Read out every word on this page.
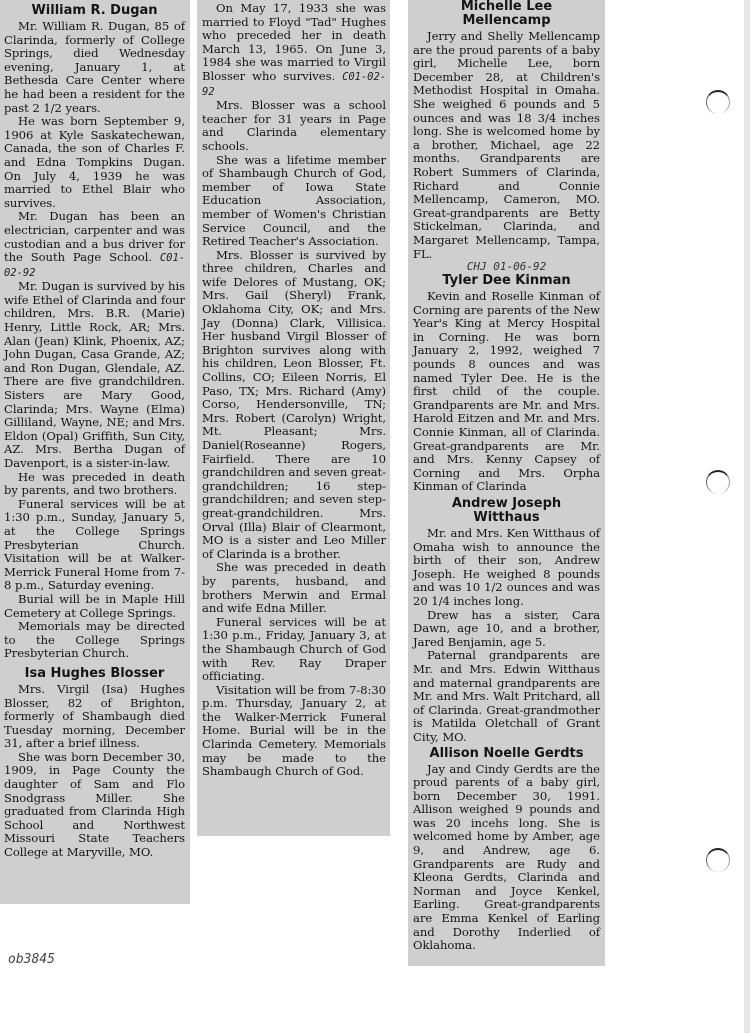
William R. Dugan

Mr. William R. Dugan, 85 of Clarinda, formerly of College Springs, died Wednesday evening, January 1, at Bethesda Care Center where he had been a resident for the past 2 1/2 years.

He was born September 9, 1906 at Kyle Saskatechewan, Canada, the son of Charles F. and Edna Tompkins Dugan. On July 4, 1939 he was married to Ethel Blair who survives.

Mr. Dugan has been an electrician, carpenter and was custodian and a bus driver for the South Page School. C01-02-92

Mr. Dugan is survived by his wife Ethel of Clarinda and four children, Mrs. B.R. (Marie) Henry, Little Rock, AR; Mrs. Alan (Jean) Klink, Phoenix, AZ; John Dugan, Casa Grande, AZ; and Ron Dugan, Glendale, AZ. There are five grandchildren. Sisters are Mary Good, Clarinda; Mrs. Wayne (Elma) Gilliland, Wayne, NE; and Mrs. Eldon (Opal) Griffith, Sun City, AZ. Mrs. Bertha Dugan of Davenport, is a sister-in-law.

He was preceded in death by parents, and two brothers.

Funeral services will be at 1:30 p.m., Sunday, January 5, at the College Springs Presbyterian Church. Visitation will be at Walker-Merrick Funeral Home from 7-8 p.m., Saturday evening.

Burial will be in Maple Hill Cemetery at College Springs.

Memorials may be directed to the College Springs Presbyterian Church.

Isa Hughes Blosser

Mrs. Virgil (Isa) Hughes Blosser, 82 of Brighton, formerly of Shambaugh died Tuesday morning, December 31, after a brief illness.

She was born December 30, 1909, in Page County the daughter of Sam and Flo Snodgrass Miller. She graduated from Clarinda High School and Northwest Missouri State Teachers College at Maryville, MO.

On May 17, 1933 she was married to Floyd "Tad" Hughes who preceded her in death March 13, 1965. On June 3, 1984 she was married to Virgil Blosser who survives. C01-02-92

Mrs. Blosser was a school teacher for 31 years in Page and Clarinda elementary schools.

She was a lifetime member of Shambaugh Church of God, member of Iowa State Education Association, member of Women's Christian Service Council, and the Retired Teacher's Association.

Mrs. Blosser is survived by three children, Charles and wife Delores of Mustang, OK; Mrs. Gail (Sheryl) Frank, Oklahoma City, OK; and Mrs. Jay (Donna) Clark, Villisica. Her husband Virgil Blosser of Brighton survives along with his children, Leon Blosser, Ft. Collins, CO; Eileen Norris, El Paso, TX; Mrs. Richard (Amy) Corso, Hendersonville, TN; Mrs. Robert (Carolyn) Wright, Mt. Pleasant; Mrs. Daniel(Roseanne) Rogers, Fairfield. There are 10 grandchildren and seven great-grandchildren; 16 step-grandchildren; and seven step-great-grandchildren. Mrs. Orval (Illa) Blair of Clearmont, MO is a sister and Leo Miller of Clarinda is a brother.

She was preceded in death by parents, husband, and brothers Merwin and Ermal and wife Edna Miller.

Funeral services will be at 1:30 p.m., Friday, January 3, at the Shambaugh Church of God with Rev. Ray Draper officiating.

Visitation will be from 7-8:30 p.m. Thursday, January 2, at the Walker-Merrick Funeral Home. Burial will be in the Clarinda Cemetery. Memorials may be made to the Shambaugh Church of God.

Michelle Lee Mellencamp

Jerry and Shelly Mellencamp are the proud parents of a baby girl, Michelle Lee, born December 28, at Children's Methodist Hospital in Omaha. She weighed 6 pounds and 5 ounces and was 18 3/4 inches long. She is welcomed home by a brother, Michael, age 22 months. Grandparents are Robert Summers of Clarinda, Richard and Connie Mellencamp, Cameron, MO. Great-grandparents are Betty Stickelman, Clarinda, and Margaret Mellencamp, Tampa, FL.

CHJ 01-06-92
Tyler Dee Kinman

Kevin and Roselle Kinman of Corning are parents of the New Year's King at Mercy Hospital in Corning. He was born January 2, 1992, weighed 7 pounds 8 ounces and was named Tyler Dee. He is the first child of the couple. Grandparents are Mr. and Mrs. Harold Eitzen and Mr. and Mrs. Connie Kinman, all of Clarinda. Great-grandparents are Mr. and Mrs. Kenny Capsey of Corning and Mrs. Orpha Kinman of Clarinda

Andrew Joseph Witthaus

Mr. and Mrs. Ken Witthaus of Omaha wish to announce the birth of their son, Andrew Joseph. He weighed 8 pounds and was 10 1/2 ounces and was 20 1/4 inches long.

Drew has a sister, Cara Dawn, age 10, and a brother, Jared Benjamin, age 5.

Paternal grandparents are Mr. and Mrs. Edwin Witthaus and maternal grandparents are Mr. and Mrs. Walt Pritchard, all of Clarinda. Great-grandmother is Matilda Oletchall of Grant City, MO.

Allison Noelle Gerdts

Jay and Cindy Gerdts are the proud parents of a baby girl, born December 30, 1991. Allison weighed 9 pounds and was 20 incehs long. She is welcomed home by Amber, age 9, and Andrew, age 6. Grandparents are Rudy and Kleona Gerdts, Clarinda and Norman and Joyce Kenkel, Earling. Great-grandparents are Emma Kenkel of Earling and Dorothy Inderlied of Oklahoma.

ob3845
